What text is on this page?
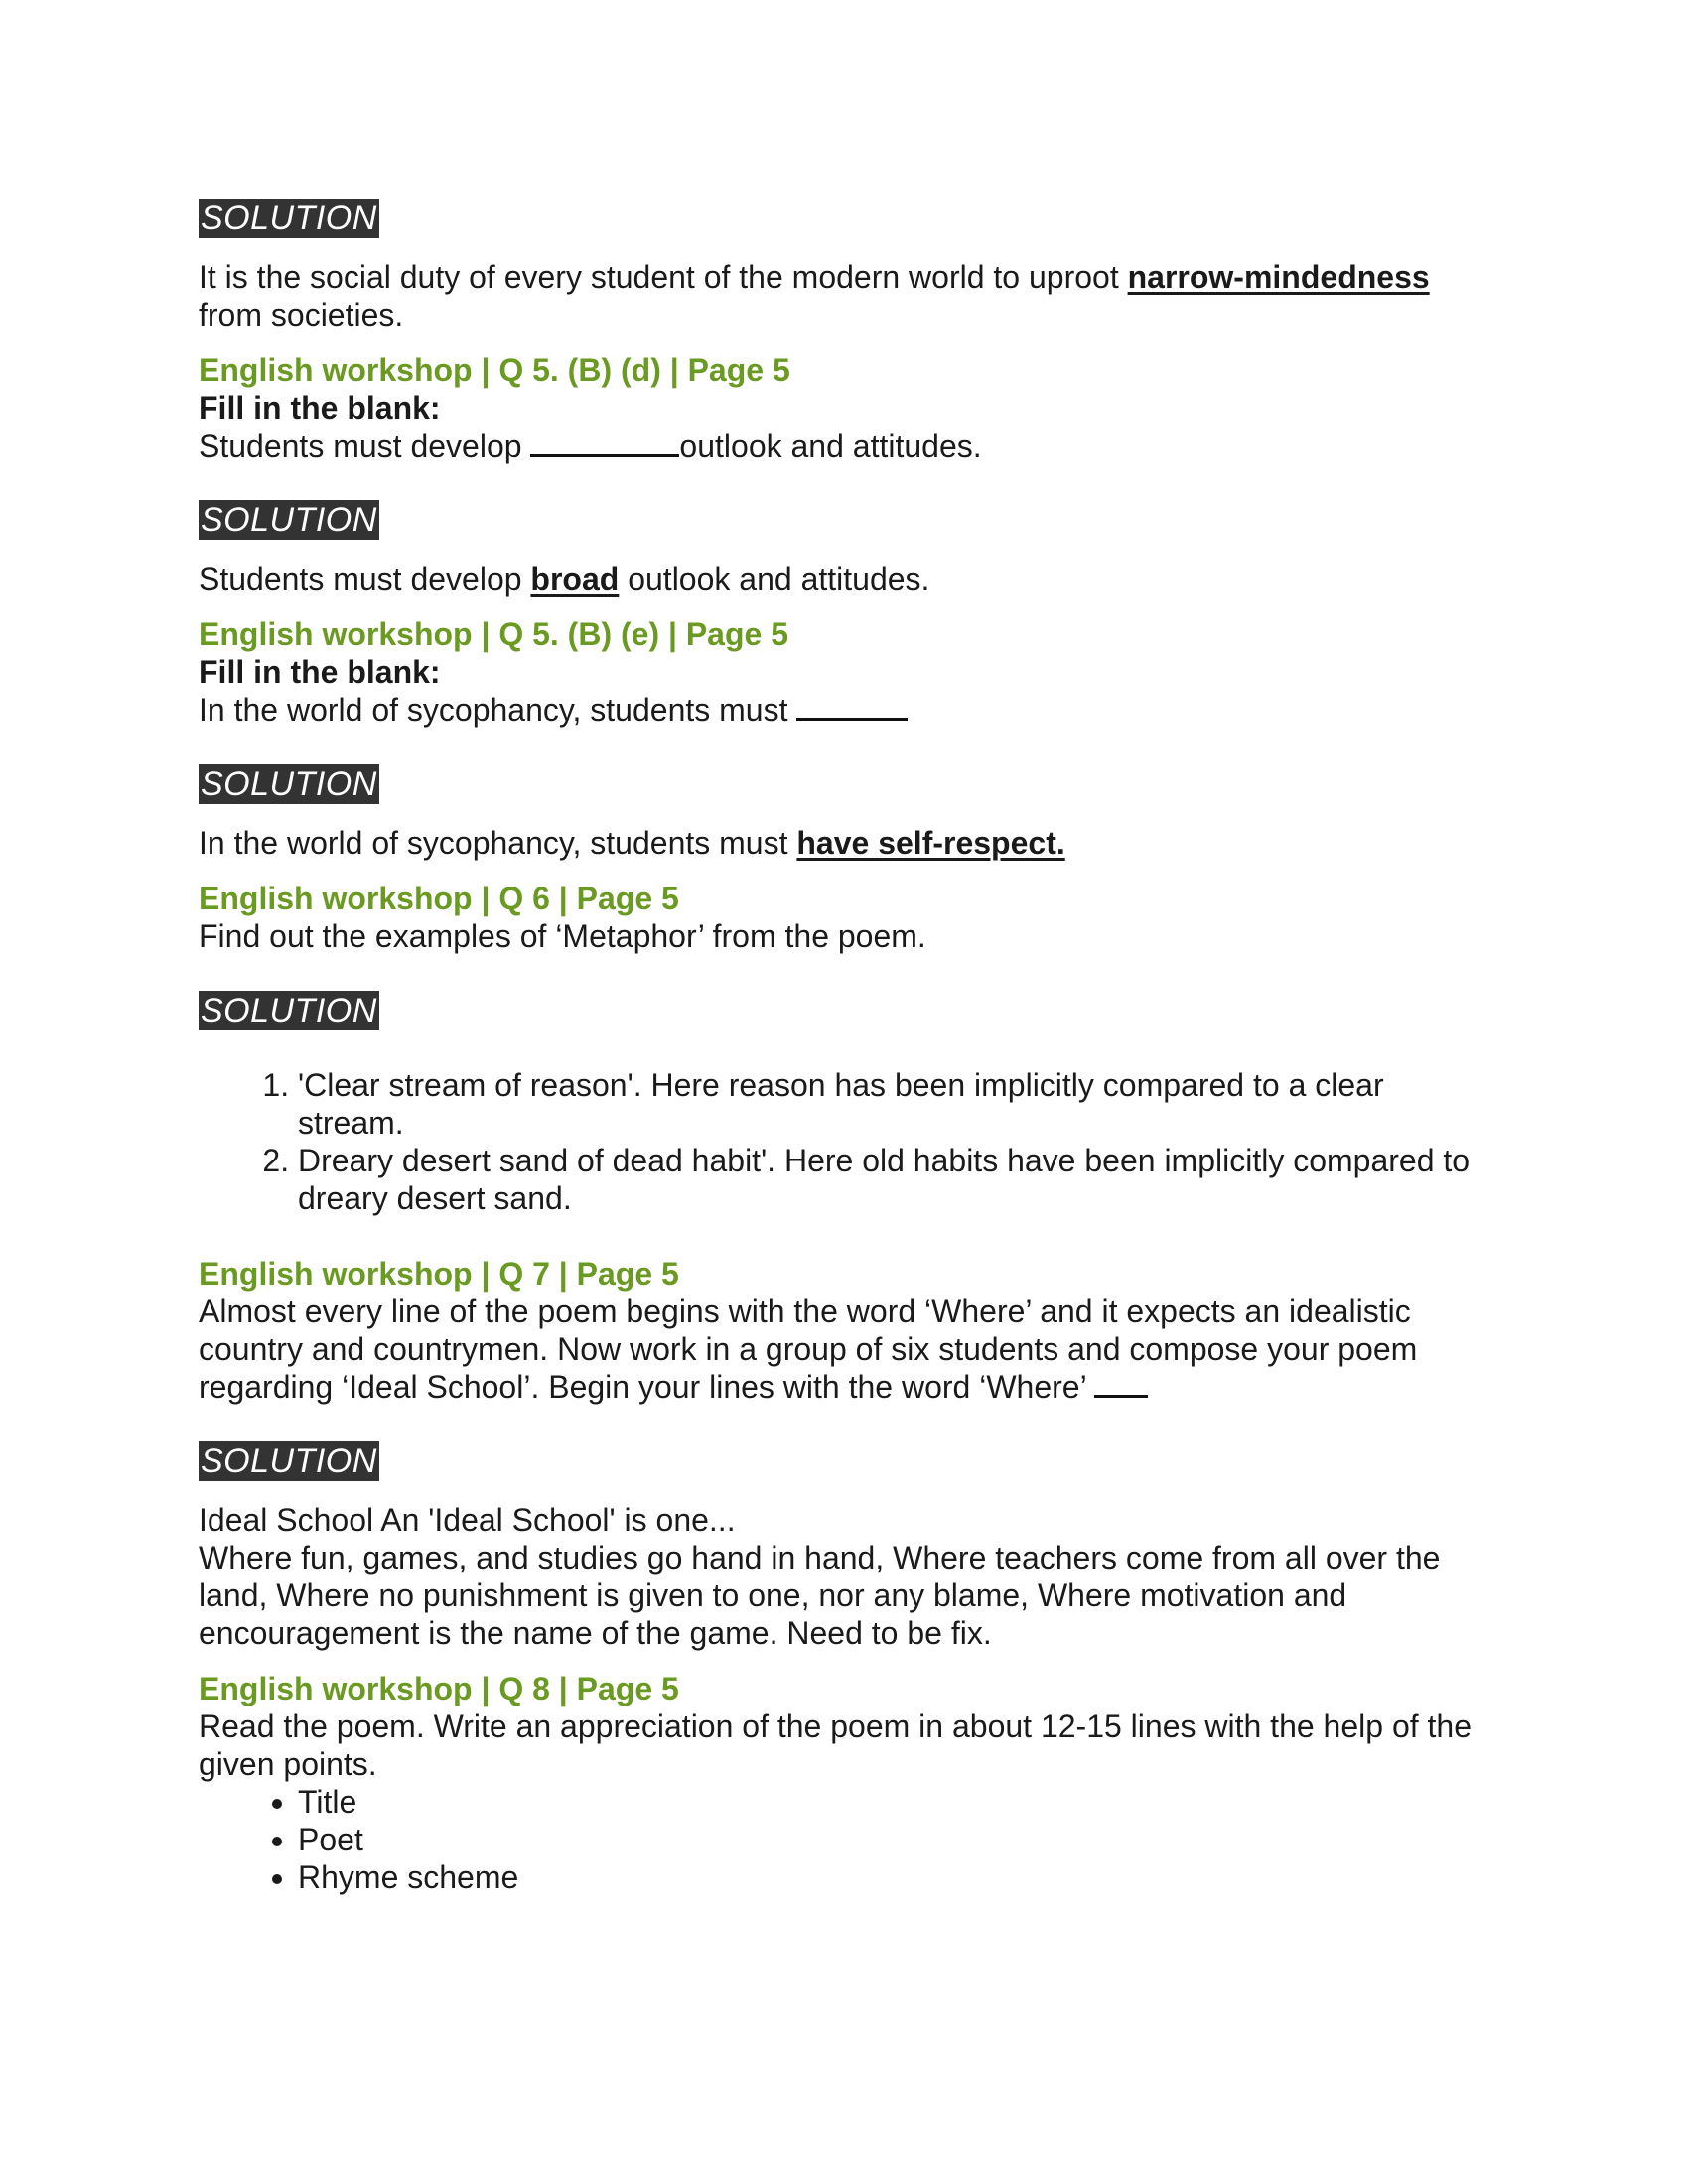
SOLUTION

It is the social duty of every student of the modern world to uproot narrow-mindedness from societies.

English workshop | Q 5. (B) (d) | Page 5

Fill in the blank:

Students must develop	outlook and attitudes.

SOLUTION

Students must develop broad outlook and attitudes.

English workshop | Q 5. (B) (e) | Page 5

Fill in the blank:

In the world of sycophancy, students must

SOLUTION

In the world of sycophancy, students must have self-respect.

English workshop | Q 6 | Page 5

Find out the examples of ‘Metaphor’ from the poem.

SOLUTION
1. 'Clear stream of reason'. Here reason has been implicitly compared to a clear stream.
2. Dreary desert sand of dead habit'. Here old habits have been implicitly compared to dreary desert sand.
English workshop | Q 7 | Page 5

Almost every line of the poem begins with the word ‘Where’ and it expects an idealistic country and countrymen. Now work in a group of six students and compose your poem regarding ‘Ideal School’. Begin your lines with the word ‘Where’

SOLUTION

Ideal School An 'Ideal School' is one...

Where fun, games, and studies go hand in hand, Where teachers come from all over the land, Where no punishment is given to one, nor any blame, Where motivation and encouragement is the name of the game. Need to be fix.

English workshop | Q 8 | Page 5

Read the poem. Write an appreciation of the poem in about 12-15 lines with the help of the given points.

• Title
• Poet
• Rhyme scheme
